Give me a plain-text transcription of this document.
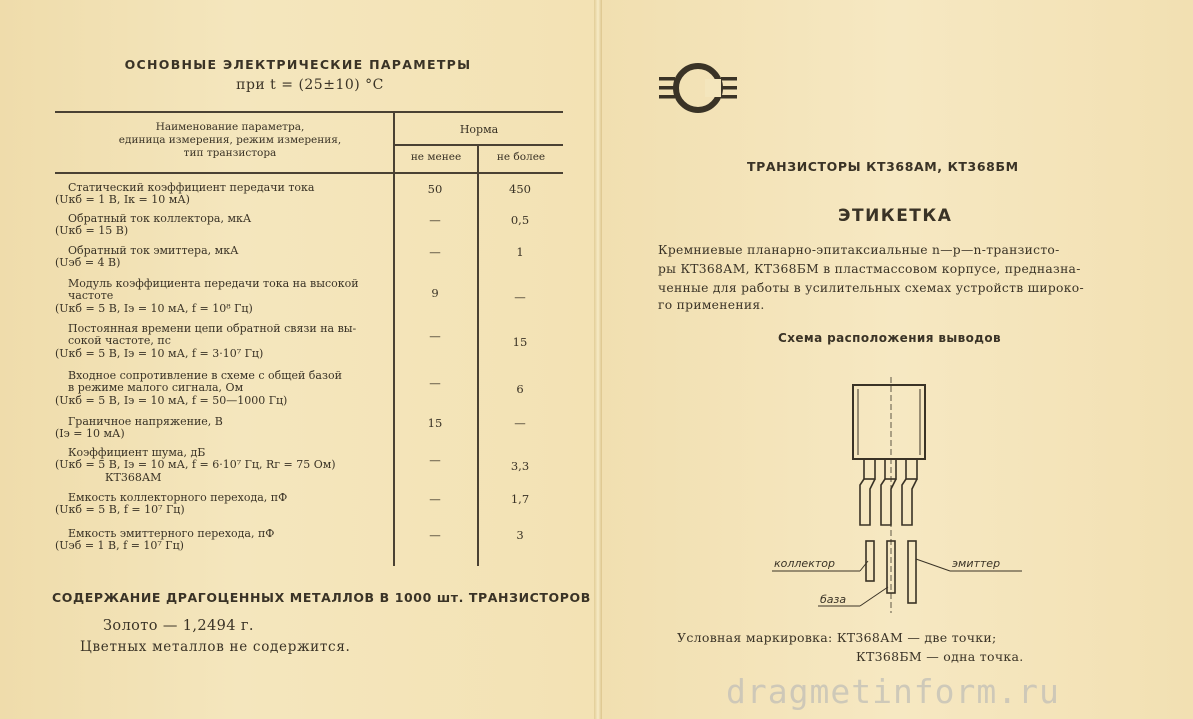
ОСНОВНЫЕ ЭЛЕКТРИЧЕСКИЕ ПАРАМЕТРЫ
при t = (25±10) °С
Наименование параметра,
единица измерения, режим измерения,
тип транзистора
Норма
не менее	не более
Статический коэффициент передачи тока
(Uкб = 1 В, Iк = 10 мА)
50	450
Обратный ток коллектора, мкА
(Uкб = 15 В)
—	0,5
Обратный ток эмиттера, мкА
(Uэб = 4 В)
—	1
Модуль коэффициента передачи тока на высокой
частоте
(Uкб = 5 В, Iэ = 10 мА, f = 10⁸ Гц)
9	—
Постоянная времени цепи обратной связи на вы-
сокой частоте, пс
(Uкб = 5 В, Iэ = 10 мА, f = 3·10⁷ Гц)
—	15
Входное сопротивление в схеме с общей базой
в режиме малого сигнала, Ом
(Uкб = 5 В, Iэ = 10 мА, f = 50—1000 Гц)
—	6
Граничное напряжение, В
(Iэ = 10 мА)
15	—
Коэффициент шума, дБ
(Uкб = 5 В, Iэ = 10 мА, f = 6·10⁷ Гц, Rг = 75 Ом)
КТ368АМ
—	3,3
Емкость коллекторного перехода, пФ
(Uкб = 5 В, f = 10⁷ Гц)
—	1,7
Емкость эмиттерного перехода, пФ
(Uэб = 1 В, f = 10⁷ Гц)
—	3
СОДЕРЖАНИЕ ДРАГОЦЕННЫХ МЕТАЛЛОВ В 1000 шт. ТРАНЗИСТОРОВ
Золото — 1,2494 г.
Цветных металлов не содержится.
ТРАНЗИСТОРЫ КТ368АМ, КТ368БМ
ЭТИКЕТКА
Кремниевые планарно-эпитаксиальные n—p—n-транзисто-
ры КТ368АМ, КТ368БМ в пластмассовом корпусе, предназна-
ченные для работы в усилительных схемах устройств широко-
го применения.
Схема расположения выводов
коллектор
база
эмиттер
Условная маркировка: КТ368АМ — две точки;
КТ368БМ — одна точка.
dragmetinform.ru
